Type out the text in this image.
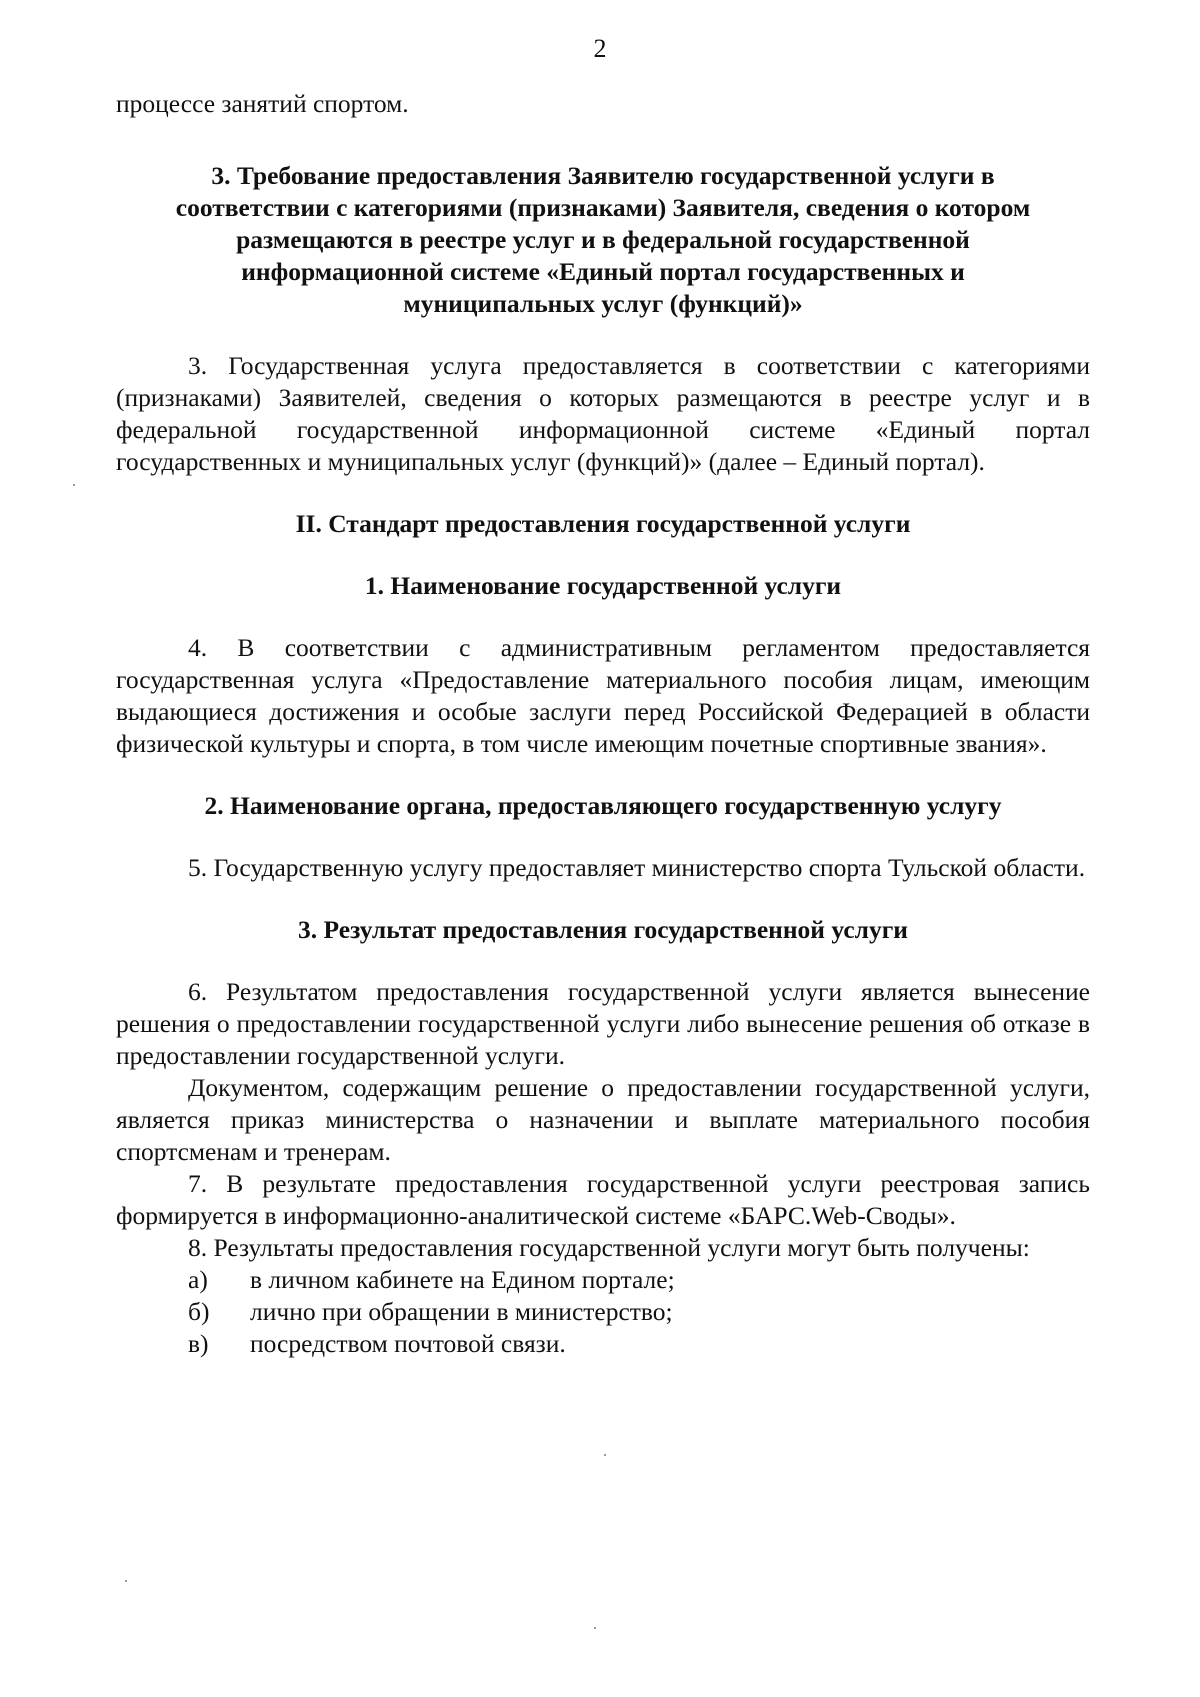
2

процессе занятий спортом.

3. Требование предоставления Заявителю государственной услуги в соответствии с категориями (признаками) Заявителя, сведения о котором размещаются в реестре услуг и в федеральной государственной информационной системе «Единый портал государственных и муниципальных услуг (функций)»

3. Государственная услуга предоставляется в соответствии с категориями (признаками) Заявителей, сведения о которых размещаются в реестре услуг и в федеральной государственной информационной системе «Единый портал государственных и муниципальных услуг (функций)» (далее – Единый портал).

II. Стандарт предоставления государственной услуги
1. Наименование государственной услуги

4. В соответствии с административным регламентом предоставляется государственная услуга «Предоставление материального пособия лицам, имеющим выдающиеся достижения и особые заслуги перед Российской Федерацией в области физической культуры и спорта, в том числе имеющим почетные спортивные звания».

2. Наименование органа, предоставляющего государственную услугу

5. Государственную услугу предоставляет министерство спорта Тульской области.

3. Результат предоставления государственной услуги

6. Результатом предоставления государственной услуги является вынесение решения о предоставлении государственной услуги либо вынесение решения об отказе в предоставлении государственной услуги.

Документом, содержащим решение о предоставлении государственной услуги, является приказ министерства о назначении и выплате материального пособия спортсменам и тренерам.

7. В результате предоставления государственной услуги реестровая запись формируется в информационно-аналитической системе «БАРС.Web-Своды».

8. Результаты предоставления государственной услуги могут быть получены:

а)	в личном кабинете на Едином портале;
б)	лично при обращении в министерство;
в)	посредством почтовой связи.
